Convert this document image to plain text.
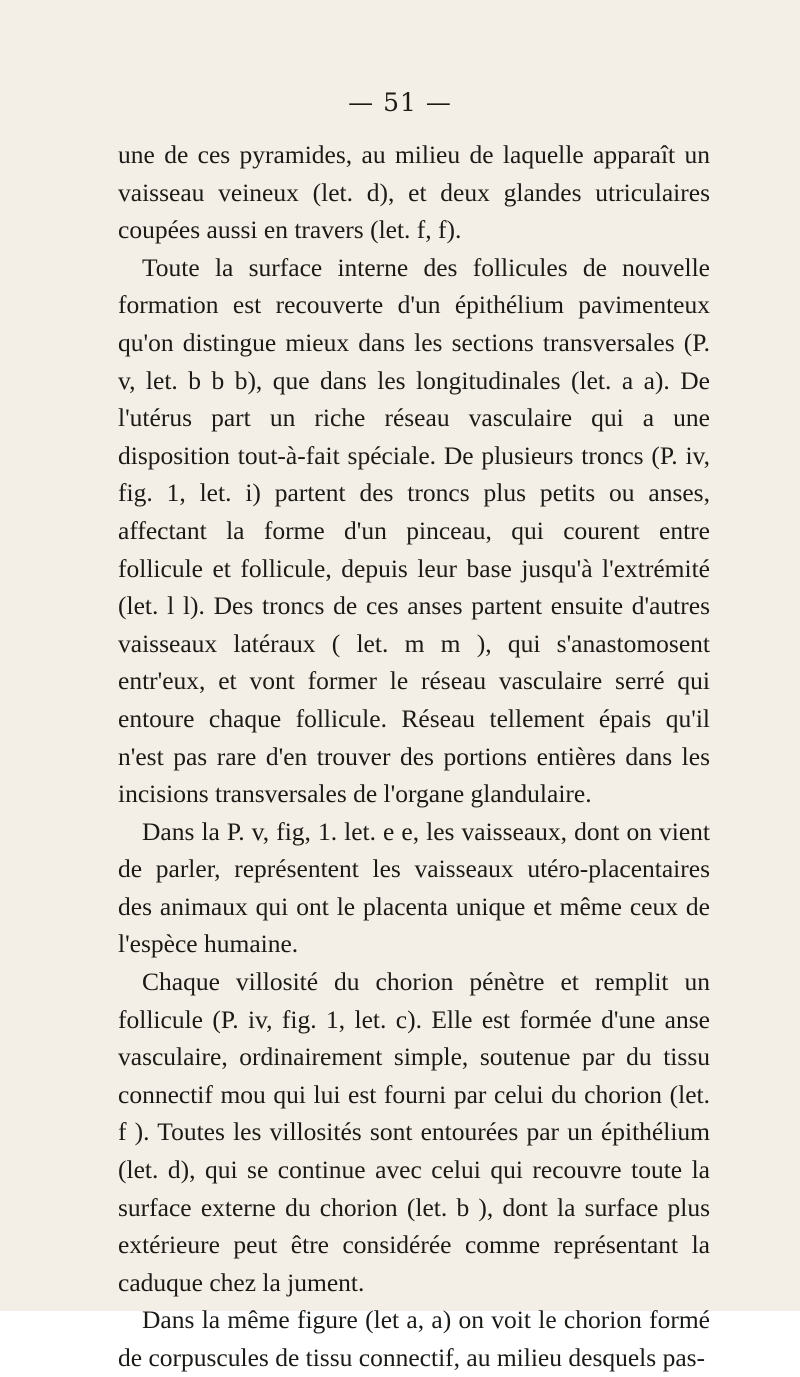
— 51 —

une de ces pyramides, au milieu de laquelle apparaît un vaisseau veineux (let. d), et deux glandes utriculaires coupées aussi en travers (let. f, f).

Toute la surface interne des follicules de nouvelle formation est recouverte d'un épithélium pavimenteux qu'on distingue mieux dans les sections transversales (P. v, let. b b b), que dans les longitudinales (let. a a). De l'utérus part un riche réseau vasculaire qui a une disposition tout-à-fait spéciale. De plusieurs troncs (P. iv, fig. 1, let. i) partent des troncs plus petits ou anses, affectant la forme d'un pinceau, qui courent entre follicule et follicule, depuis leur base jusqu'à l'extrémité (let. l l). Des troncs de ces anses partent ensuite d'autres vaisseaux latéraux ( let. m m ), qui s'anastomosent entr'eux, et vont former le réseau vasculaire serré qui entoure chaque follicule. Réseau tellement épais qu'il n'est pas rare d'en trouver des portions entières dans les incisions transversales de l'organe glandulaire.

Dans la P. v, fig, 1. let. e e, les vaisseaux, dont on vient de parler, représentent les vaisseaux utéro-placentaires des animaux qui ont le placenta unique et même ceux de l'espèce humaine.

Chaque villosité du chorion pénètre et remplit un follicule (P. iv, fig. 1, let. c). Elle est formée d'une anse vasculaire, ordinairement simple, soutenue par du tissu connectif mou qui lui est fourni par celui du chorion (let. f ). Toutes les villosités sont entourées par un épithélium (let. d), qui se continue avec celui qui recouvre toute la surface externe du chorion (let. b ), dont la surface plus extérieure peut être considérée comme représentant la caduque chez la jument.

Dans la même figure (let a, a) on voit le chorion formé de corpuscules de tissu connectif, au milieu desquels pas-
